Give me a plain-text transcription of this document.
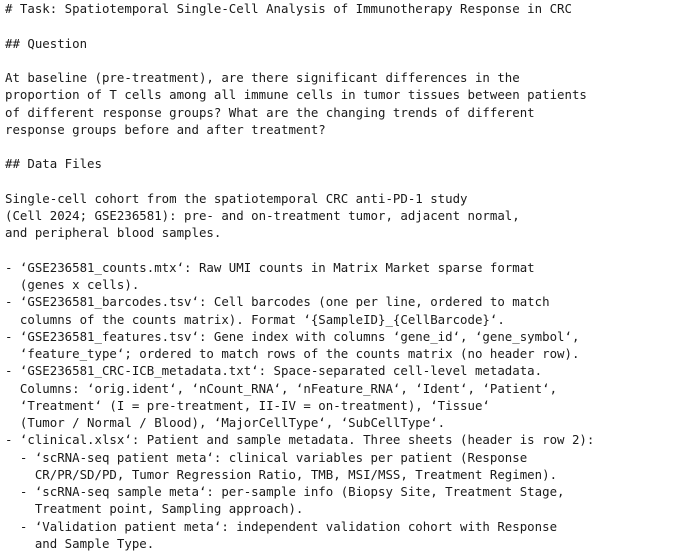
# Task: Spatiotemporal Single-Cell Analysis of Immunotherapy Response in CRC
## Question
At baseline (pre-treatment), are there significant differences in the
proportion of T cells among all immune cells in tumor tissues between patients
of different response groups? What are the changing trends of different
response groups before and after treatment?
## Data Files
Single-cell cohort from the spatiotemporal CRC anti-PD-1 study
(Cell 2024; GSE236581): pre- and on-treatment tumor, adjacent normal,
and peripheral blood samples.
- ‘GSE236581_counts.mtx‘: Raw UMI counts in Matrix Market sparse format
(genes x cells).
- ‘GSE236581_barcodes.tsv‘: Cell barcodes (one per line, ordered to match
columns of the counts matrix). Format ‘{SampleID}_{CellBarcode}‘.
- ‘GSE236581_features.tsv‘: Gene index with columns ‘gene_id‘, ‘gene_symbol‘,
‘feature_type‘; ordered to match rows of the counts matrix (no header row).
- ‘GSE236581_CRC-ICB_metadata.txt‘: Space-separated cell-level metadata.
Columns: ‘orig.ident‘, ‘nCount_RNA‘, ‘nFeature_RNA‘, ‘Ident‘, ‘Patient‘,
‘Treatment‘ (I = pre-treatment, II-IV = on-treatment), ‘Tissue‘
(Tumor / Normal / Blood), ‘MajorCellType‘, ‘SubCellType‘.
- ‘clinical.xlsx‘: Patient and sample metadata. Three sheets (header is row 2):
- ‘scRNA-seq patient meta‘: clinical variables per patient (Response
CR/PR/SD/PD, Tumor Regression Ratio, TMB, MSI/MSS, Treatment Regimen).
- ‘scRNA-seq sample meta‘: per-sample info (Biopsy Site, Treatment Stage,
Treatment point, Sampling approach).
- ‘Validation patient meta‘: independent validation cohort with Response
and Sample Type.
